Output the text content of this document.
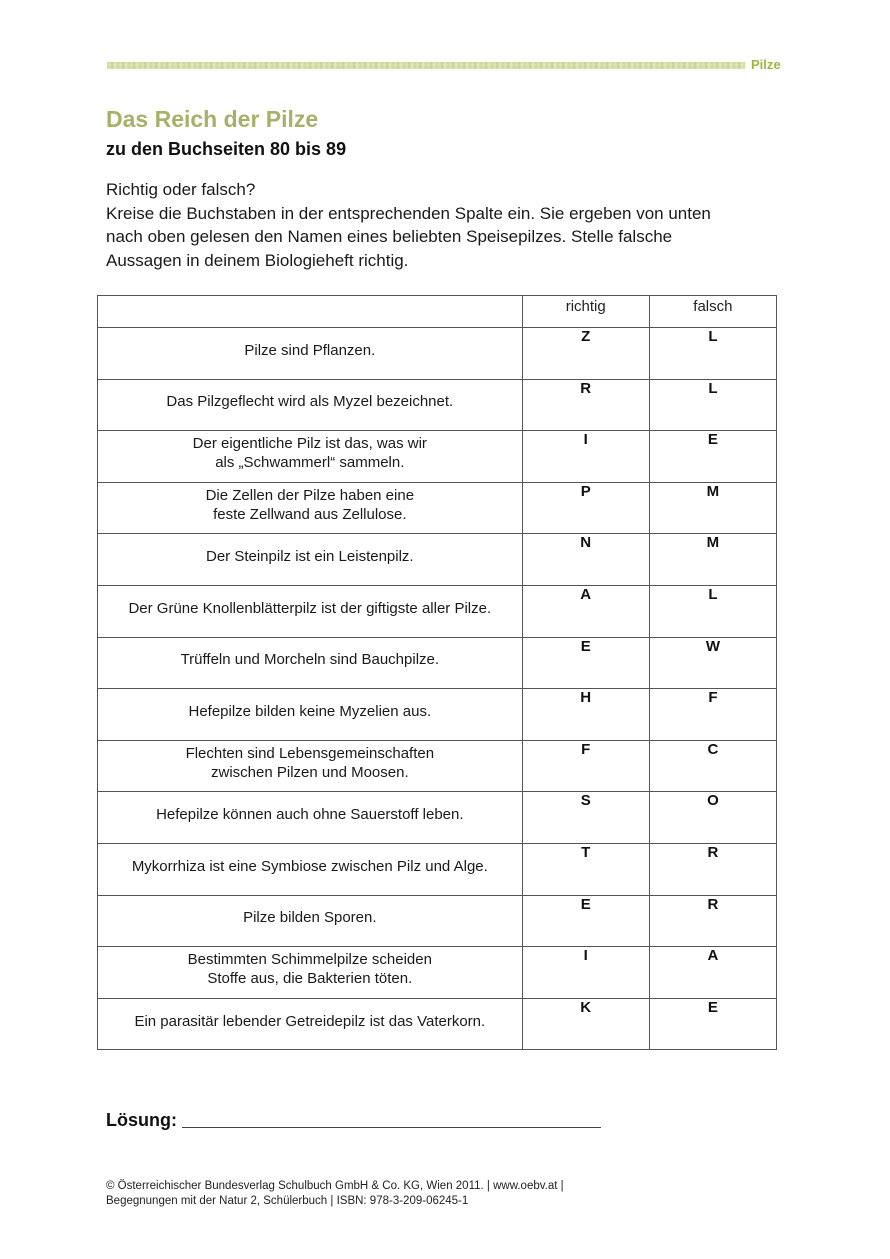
Pilze
Das Reich der Pilze
zu den Buchseiten 80 bis 89
Richtig oder falsch?
Kreise die Buchstaben in der entsprechenden Spalte ein. Sie ergeben von unten
nach oben gelesen den Namen eines beliebten Speisepilzes. Stelle falsche
Aussagen in deinem Biologieheft richtig.
	richtig	falsch

Pilze sind Pflanzen.	Z	L

Das Pilzgeflecht wird als Myzel bezeichnet.	R	L

Der eigentliche Pilz ist das, was wir
als „Schwammerl“ sammeln.	I	E

Die Zellen der Pilze haben eine
feste Zellwand aus Zellulose.	P	M

Der Steinpilz ist ein Leistenpilz.	N	M

Der Grüne Knollenblätterpilz ist der giftigste aller Pilze.	A	L

Trüffeln und Morcheln sind Bauchpilze.	E	W

Hefepilze bilden keine Myzelien aus.	H	F

Flechten sind Lebensgemeinschaften
zwischen Pilzen und Moosen.	F	C

Hefepilze können auch ohne Sauerstoff leben.	S	O

Mykorrhiza ist eine Symbiose zwischen Pilz und Alge.	T	R

Pilze bilden Sporen.	E	R

Bestimmten Schimmelpilze scheiden
Stoffe aus, die Bakterien töten.	I	A

Ein parasitär lebender Getreidepilz ist das Vaterkorn.	K	E
Lösung:
© Österreichischer Bundesverlag Schulbuch GmbH & Co. KG, Wien 2011. | www.oebv.at |
Begegnungen mit der Natur 2, Schülerbuch | ISBN: 978-3-209-06245-1
